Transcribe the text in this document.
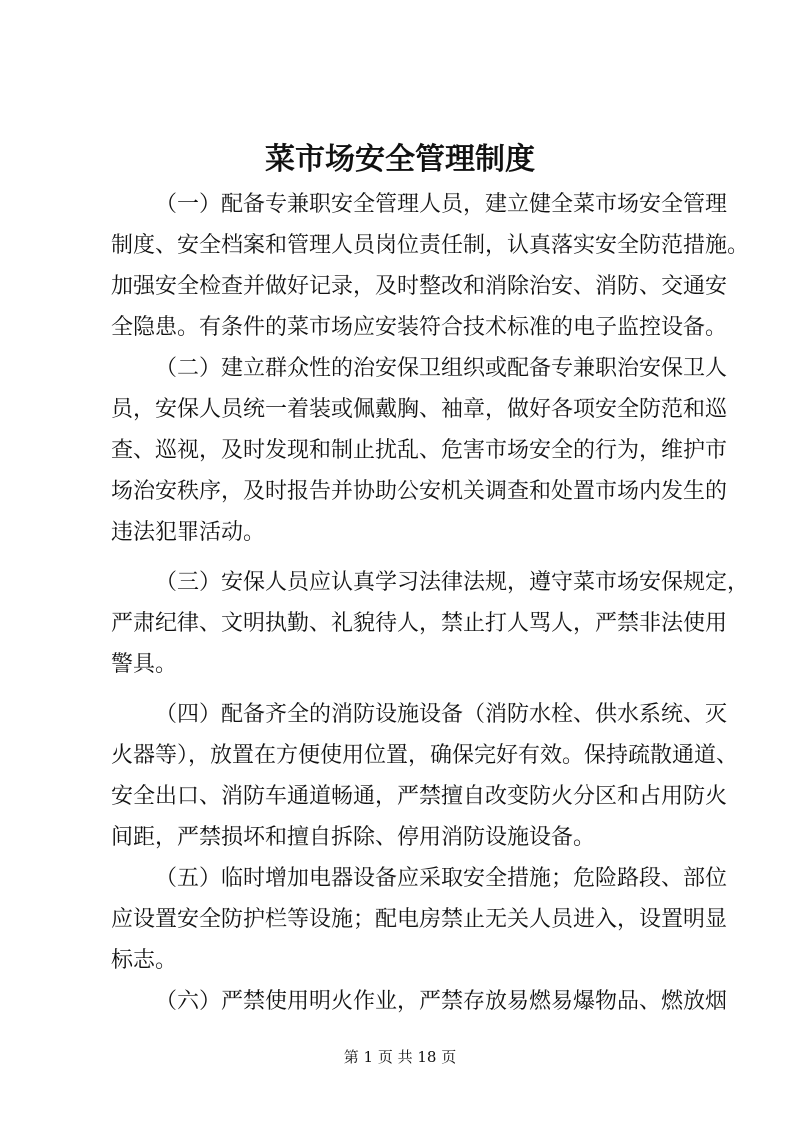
菜市场安全管理制度
（一）配备专兼职安全管理人员，建立健全菜市场安全管理
制度、安全档案和管理人员岗位责任制，认真落实安全防范措施。
加强安全检查并做好记录，及时整改和消除治安、消防、交通安
全隐患。有条件的菜市场应安装符合技术标准的电子监控设备。
（二）建立群众性的治安保卫组织或配备专兼职治安保卫人
员，安保人员统一着装或佩戴胸、袖章，做好各项安全防范和巡
查、巡视，及时发现和制止扰乱、危害市场安全的行为，维护市
场治安秩序，及时报告并协助公安机关调查和处置市场内发生的
违法犯罪活动。
（三）安保人员应认真学习法律法规，遵守菜市场安保规定，
严肃纪律、文明执勤、礼貌待人，禁止打人骂人，严禁非法使用
警具。
（四）配备齐全的消防设施设备（消防水栓、供水系统、灭
火器等），放置在方便使用位置，确保完好有效。保持疏散通道、
安全出口、消防车通道畅通，严禁擅自改变防火分区和占用防火
间距，严禁损坏和擅自拆除、停用消防设施设备。
（五）临时增加电器设备应采取安全措施；危险路段、部位
应设置安全防护栏等设施；配电房禁止无关人员进入，设置明显
标志。
（六）严禁使用明火作业，严禁存放易燃易爆物品、燃放烟
第 1 页 共 18 页
